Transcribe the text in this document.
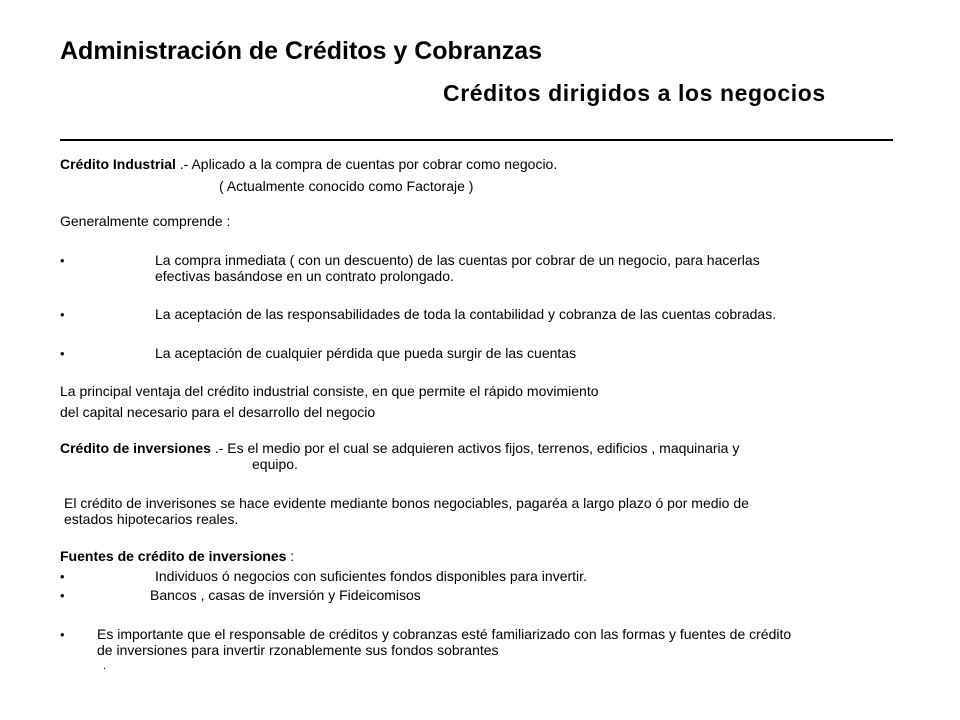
Administración de Créditos y Cobranzas
Créditos dirigidos a los negocios
Crédito Industrial .- Aplicado a la compra de cuentas por cobrar como negocio.
( Actualmente conocido como Factoraje )
Generalmente comprende :
•	La compra inmediata ( con un descuento) de las cuentas por cobrar de un negocio, para hacerlas
efectivas basándose en un contrato prolongado.
•	La aceptación de las responsabilidades de toda la contabilidad y cobranza de las cuentas cobradas.
•	La aceptación de cualquier pérdida que pueda surgir de las cuentas
La principal ventaja del crédito industrial consiste, en que permite el rápido movimiento
del capital necesario para el desarrollo del negocio
Crédito de inversiones .- Es el medio por el cual se adquieren activos fijos, terrenos, edificios , maquinaria y
equipo.
El crédito de inverisones se hace evidente mediante bonos negociables, pagaréa a largo plazo ó por medio de
estados hipotecarios reales.
Fuentes de crédito de inversiones :
•	Individuos ó negocios con suficientes fondos disponibles para invertir.
•	Bancos , casas de inversión y Fideicomisos
• Es importante que el responsable de créditos y cobranzas esté familiarizado con las formas y fuentes de crédito
de inversiones para invertir rzonablemente sus fondos sobrantes
.
